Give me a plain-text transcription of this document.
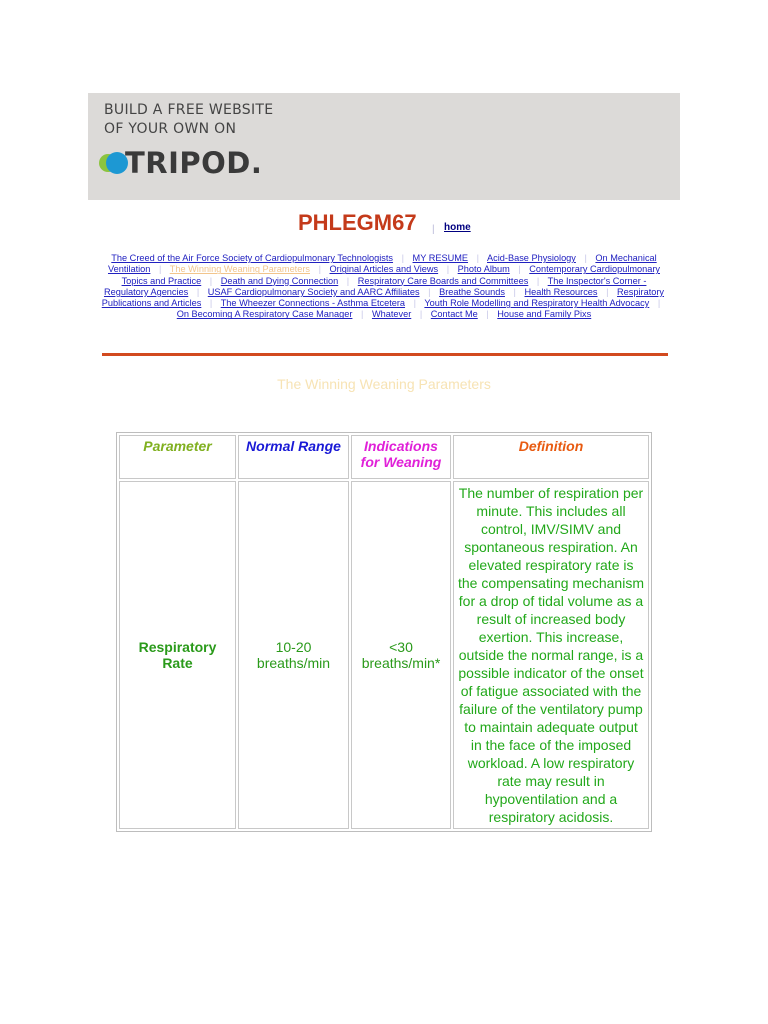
BUILD A FREE WEBSITE
OF YOUR OWN ON
TRIPOD.
PHLEGM67 | home
The Creed of the Air Force Society of Cardiopulmonary Technologists | MY RESUME | Acid-Base Physiology | On Mechanical Ventilation | The Winning Weaning Parameters | Original Articles and Views | Photo Album | Contemporary Cardiopulmonary Topics and Practice | Death and Dying Connection | Respiratory Care Boards and Committees | The Inspector's Corner - Regulatory Agencies | USAF Cardiopulmonary Society and AARC Affiliates | Breathe Sounds | Health Resources | Respiratory Publications and Articles | The Wheezer Connections - Asthma Etcetera | Youth Role Modelling and Respiratory Health Advocacy | On Becoming A Respiratory Case Manager | Whatever | Contact Me | House and Family Pixs
The Winning Weaning Parameters
Parameter	Normal Range	Indications for Weaning	Definition
Respiratory Rate	10-20 breaths/min	<30 breaths/min*	The number of respiration per minute. This includes all control, IMV/SIMV and spontaneous respiration. An elevated respiratory rate is the compensating mechanism for a drop of tidal volume as a result of increased body exertion. This increase, outside the normal range, is a possible indicator of the onset of fatigue associated with the failure of the ventilatory pump to maintain adequate output in the face of the imposed workload. A low respiratory rate may result in hypoventilation and a respiratory acidosis.
